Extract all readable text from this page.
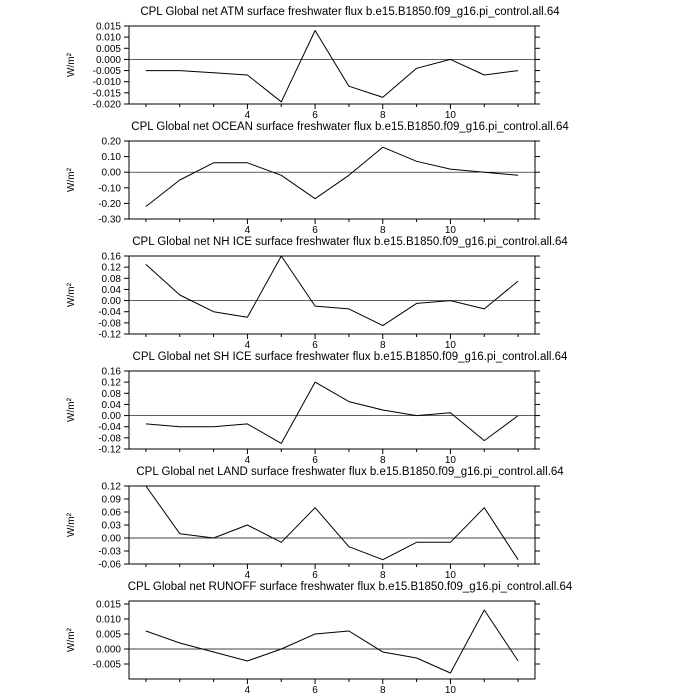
CPL Global net ATM surface freshwater flux b.e15.B1850.f09_g16.pi_control.all.64
0.015
0.010
0.005
0.000
-0.005
-0.010
-0.015
-0.020
4	6	8	10
W/m²
CPL Global net OCEAN surface freshwater flux b.e15.B1850.f09_g16.pi_control.all.64
0.20
0.10
0.00
-0.10
-0.20
-0.30
4	6	8	10
W/m²
CPL Global net NH ICE surface freshwater flux b.e15.B1850.f09_g16.pi_control.all.64
0.16
0.12
0.08
0.04
0.00
-0.04
-0.08
-0.12
4	6	8	10
W/m²
CPL Global net SH ICE surface freshwater flux b.e15.B1850.f09_g16.pi_control.all.64
0.16
0.12
0.08
0.04
0.00
-0.04
-0.08
-0.12
4	6	8	10
W/m²
CPL Global net LAND surface freshwater flux b.e15.B1850.f09_g16.pi_control.all.64
0.12
0.09
0.06
0.03
0.00
-0.03
-0.06
4	6	8	10
W/m²
CPL Global net RUNOFF surface freshwater flux b.e15.B1850.f09_g16.pi_control.all.64
0.015
0.010
0.005
0.000
-0.005
4	6	8	10
W/m²
